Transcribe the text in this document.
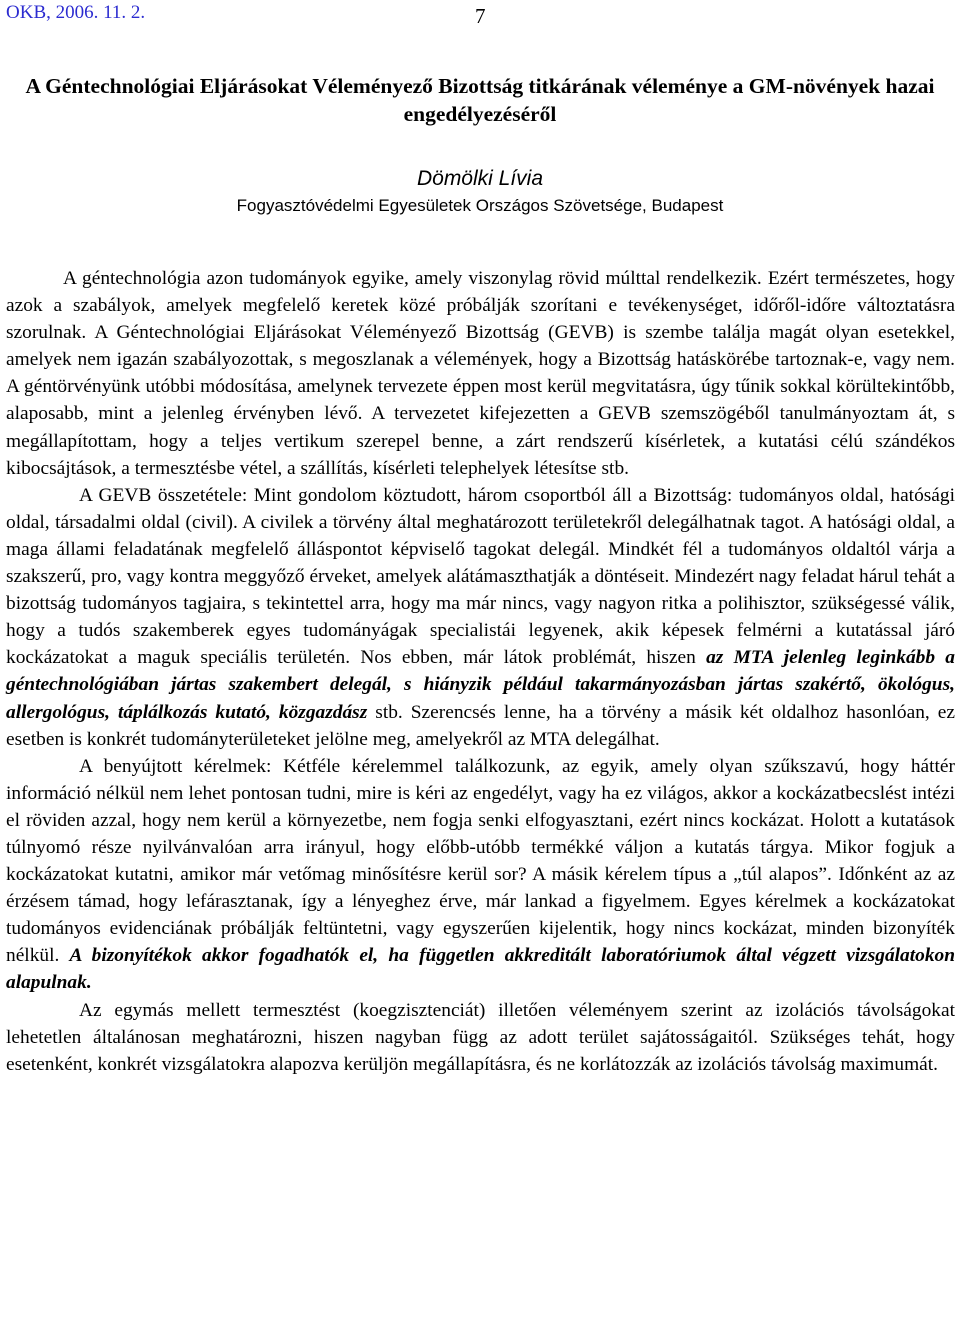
OKB, 2006. 11. 2.	7
A Géntechnológiai Eljárásokat Véleményező Bizottság titkárának véleménye a GM-növények hazai engedélyezéséről
Dömölki Lívia
Fogyasztóvédelmi Egyesületek Országos Szövetsége, Budapest

A géntechnológia azon tudományok egyike, amely viszonylag rövid múlttal rendelkezik. Ezért természetes, hogy azok a szabályok, amelyek megfelelő keretek közé próbálják szorítani e tevékenységet, időről-időre változtatásra szorulnak. A Géntechnológiai Eljárásokat Véleményező Bizottság (GEVB) is szembe találja magát olyan esetekkel, amelyek nem igazán szabályozottak, s megoszlanak a vélemények, hogy a Bizottság hatáskörébe tartoznak-e, vagy nem. A géntörvényünk utóbbi módosítása, amelynek tervezete éppen most kerül megvitatásra, úgy tűnik sokkal körültekintőbb, alaposabb, mint a jelenleg érvényben lévő. A tervezetet kifejezetten a GEVB szemszögéből tanulmányoztam át, s megállapítottam, hogy a teljes vertikum szerepel benne, a zárt rendszerű kísérletek, a kutatási célú szándékos kibocsájtások, a termesztésbe vétel, a szállítás, kísérleti telephelyek létesítse stb.

A GEVB összetétele: Mint gondolom köztudott, három csoportból áll a Bizottság: tudományos oldal, hatósági oldal, társadalmi oldal (civil). A civilek a törvény által meghatározott területekről delegálhatnak tagot. A hatósági oldal, a maga állami feladatának megfelelő álláspontot képviselő tagokat delegál. Mindkét fél a tudományos oldaltól várja a szakszerű, pro, vagy kontra meggyőző érveket, amelyek alátámaszthatják a döntéseit. Mindezért nagy feladat hárul tehát a bizottság tudományos tagjaira, s tekintettel arra, hogy ma már nincs, vagy nagyon ritka a polihisztor, szükségessé válik, hogy a tudós szakemberek egyes tudományágak specialistái legyenek, akik képesek felmérni a kutatással járó kockázatokat a maguk speciális területén. Nos ebben, már látok problémát, hiszen az MTA jelenleg leginkább a géntechnológiában jártas szakembert delegál, s hiányzik például takarmányozásban jártas szakértő, ökológus, allergológus, táplálkozás kutató, közgazdász stb. Szerencsés lenne, ha a törvény a másik két oldalhoz hasonlóan, ez esetben is konkrét tudományterületeket jelölne meg, amelyekről az MTA delegálhat.

A benyújtott kérelmek: Kétféle kérelemmel találkozunk, az egyik, amely olyan szűkszavú, hogy háttér információ nélkül nem lehet pontosan tudni, mire is kéri az engedélyt, vagy ha ez világos, akkor a kockázatbecslést intézi el röviden azzal, hogy nem kerül a környezetbe, nem fogja senki elfogyasztani, ezért nincs kockázat. Holott a kutatások túlnyomó része nyilvánvalóan arra irányul, hogy előbb-utóbb termékké váljon a kutatás tárgya. Mikor fogjuk a kockázatokat kutatni, amikor már vetőmag minősítésre kerül sor? A másik kérelem típus a „túl alapos”. Időnként az az érzésem támad, hogy lefárasztanak, így a lényeghez érve, már lankad a figyelmem. Egyes kérelmek a kockázatokat tudományos evidenciának próbálják feltüntetni, vagy egyszerűen kijelentik, hogy nincs kockázat, minden bizonyíték nélkül. A bizonyítékok akkor fogadhatók el, ha független akkreditált laboratóriumok által végzett vizsgálatokon alapulnak.

Az egymás mellett termesztést (koegzisztenciát) illetően véleményem szerint az izolációs távolságokat lehetetlen általánosan meghatározni, hiszen nagyban függ az adott terület sajátosságaitól. Szükséges tehát, hogy esetenként, konkrét vizsgálatokra alapozva kerüljön megállapításra, és ne korlátozzák az izolációs távolság maximumát.
